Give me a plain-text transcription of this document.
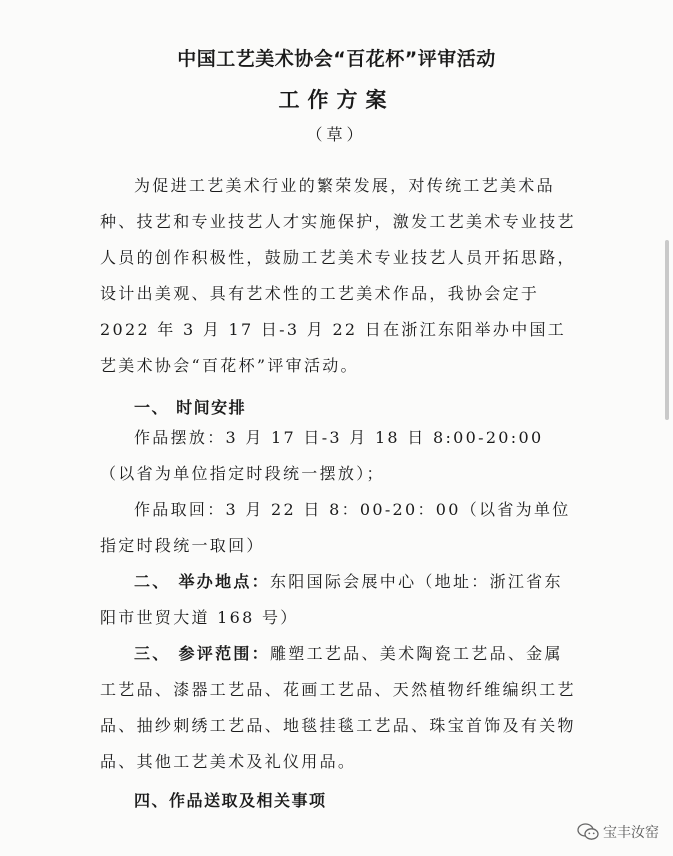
中国工艺美术协会“百花杯”评审活动
工作方案
（草）
为促进工艺美术行业的繁荣发展，对传统工艺美术品种、技艺和专业技艺人才实施保护，激发工艺美术专业技艺人员的创作积极性，鼓励工艺美术专业技艺人员开拓思路，设计出美观、具有艺术性的工艺美术作品，我协会定于 2022 年 3 月 17 日-3 月 22 日在浙江东阳举办中国工艺美术协会“百花杯”评审活动。
一、 时间安排
作品摆放：3 月 17 日-3 月 18 日 8:00-20:00（以省为单位指定时段统一摆放）；
作品取回：3 月 22 日 8：00-20：00（以省为单位指定时段统一取回）
二、 举办地点：东阳国际会展中心（地址：浙江省东阳市世贸大道 168 号）
三、 参评范围：雕塑工艺品、美术陶瓷工艺品、金属工艺品、漆器工艺品、花画工艺品、天然植物纤维编织工艺品、抽纱刺绣工艺品、地毯挂毯工艺品、珠宝首饰及有关物品、其他工艺美术及礼仪用品。
四、作品送取及相关事项
宝丰汝窑
